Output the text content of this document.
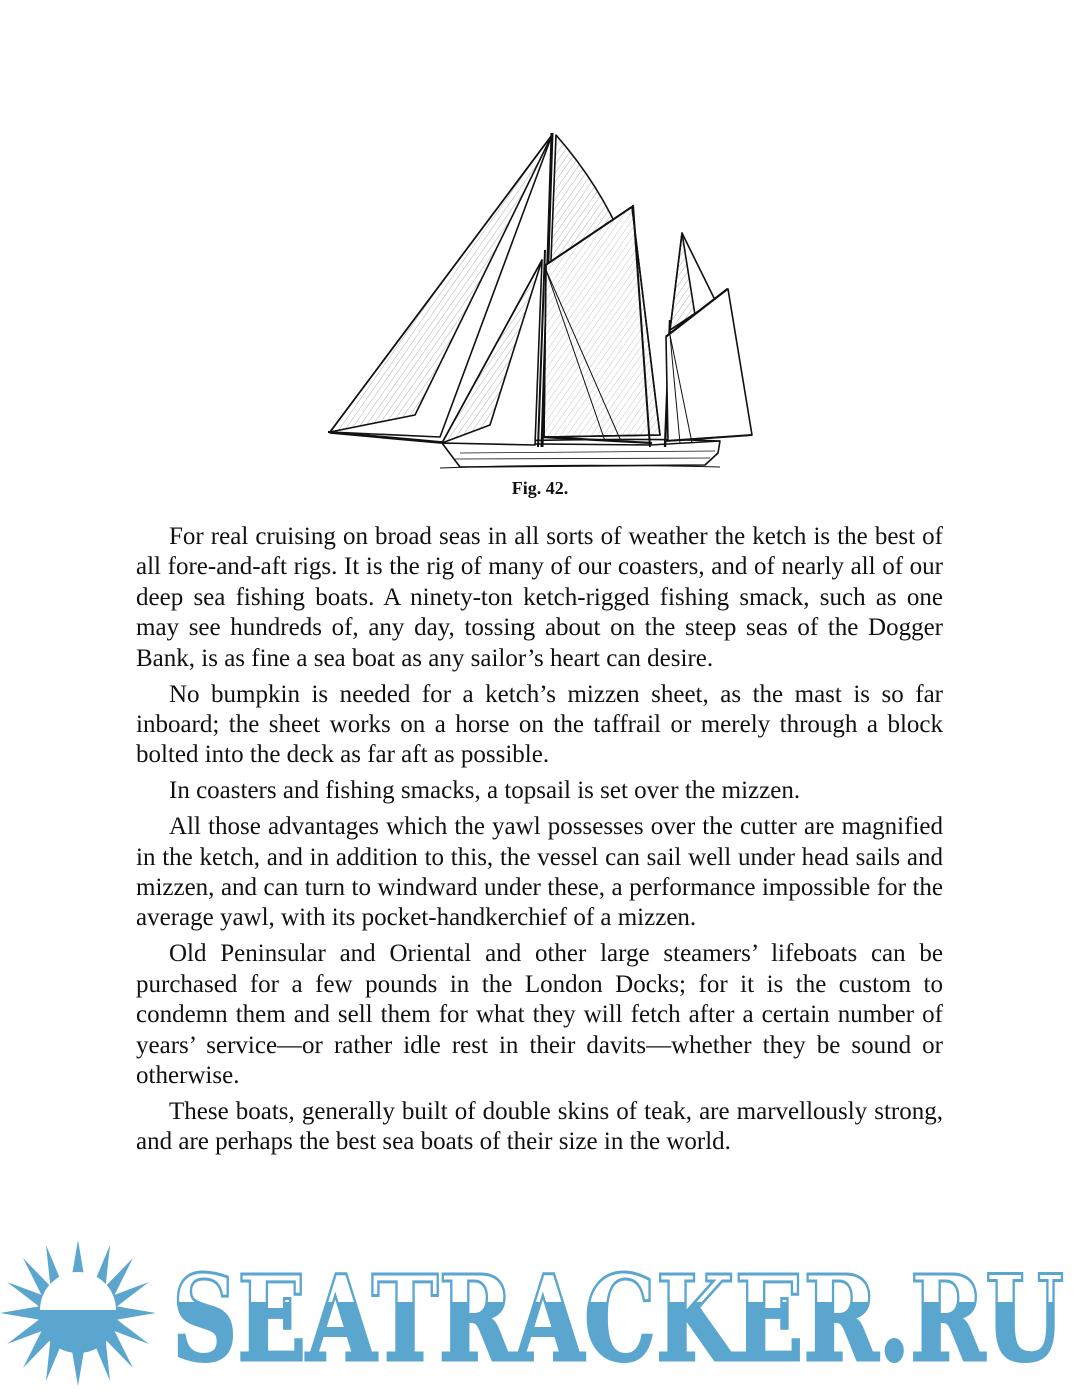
Fig. 42.

For real cruising on broad seas in all sorts of weather the ketch is the best of all fore-and-aft rigs. It is the rig of many of our coasters, and of nearly all of our deep sea fishing boats. A ninety-ton ketch-rigged fishing smack, such as one may see hundreds of, any day, tossing about on the steep seas of the Dogger Bank, is as fine a sea boat as any sailor’s heart can desire.

No bumpkin is needed for a ketch’s mizzen sheet, as the mast is so far inboard; the sheet works on a horse on the taffrail or merely through a block bolted into the deck as far aft as possible.

In coasters and fishing smacks, a topsail is set over the mizzen.

All those advantages which the yawl possesses over the cutter are magnified in the ketch, and in addition to this, the vessel can sail well under head sails and mizzen, and can turn to windward under these, a performance impossible for the average yawl, with its pocket-handkerchief of a mizzen.

Old Peninsular and Oriental and other large steamers’ lifeboats can be purchased for a few pounds in the London Docks; for it is the custom to condemn them and sell them for what they will fetch after a certain number of years’ service—or rather idle rest in their davits—whether they be sound or otherwise.

These boats, generally built of double skins of teak, are marvellously strong, and are perhaps the best sea boats of their size in the world.

SEATRACKER.RU
